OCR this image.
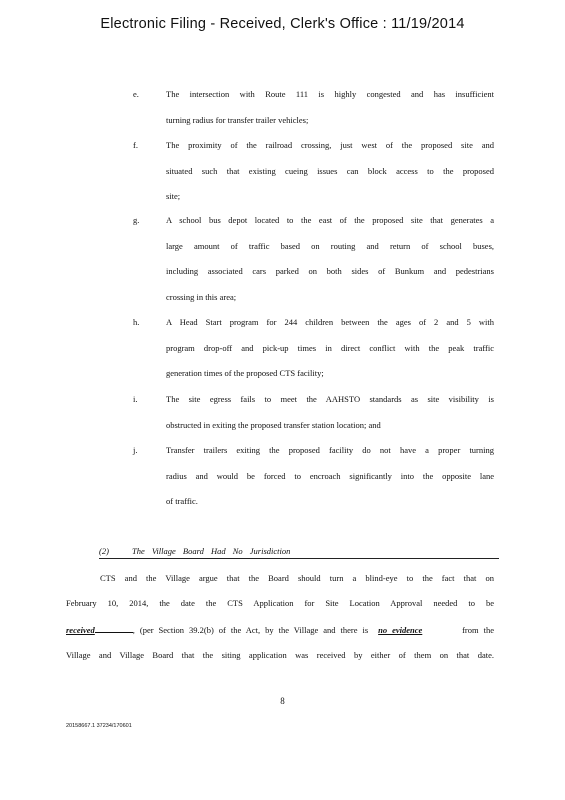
Electronic Filing - Received, Clerk's Office : 11/19/2014
e.	The intersection with Route 111 is highly congested and has insufficient
turning radius for transfer trailer vehicles;
f.	The proximity of the railroad crossing, just west of the proposed site and
situated such that existing cueing issues can block access to the proposed
site;
g.	A school bus depot located to the east of the proposed site that generates a
large amount of traffic based on routing and return of school buses,
including associated cars parked on both sides of Bunkum and pedestrians
crossing in this area;
h.	A Head Start program for 244 children between the ages of 2 and 5 with
program drop-off and pick-up times in direct conflict with the peak traffic
generation times of the proposed CTS facility;
i.	The site egress fails to meet the AAHSTO standards as site visibility is
obstructed in exiting the proposed transfer station location; and
j.	Transfer trailers exiting the proposed facility do not have a proper turning
radius and would be forced to encroach significantly into the opposite lane
of traffic.
(2)	The Village Board Had No Jurisdiction
CTS and the Village argue that the Board should turn a blind-eye to the fact that on
February 10, 2014, the date the CTS Application for Site Location Approval needed to be
received	, (per Section 39.2(b) of the Act, by the Village and there is no evidence	from the
Village and Village Board that the siting application was received by either of them on that date.
8
20158667.1 37234/170601
